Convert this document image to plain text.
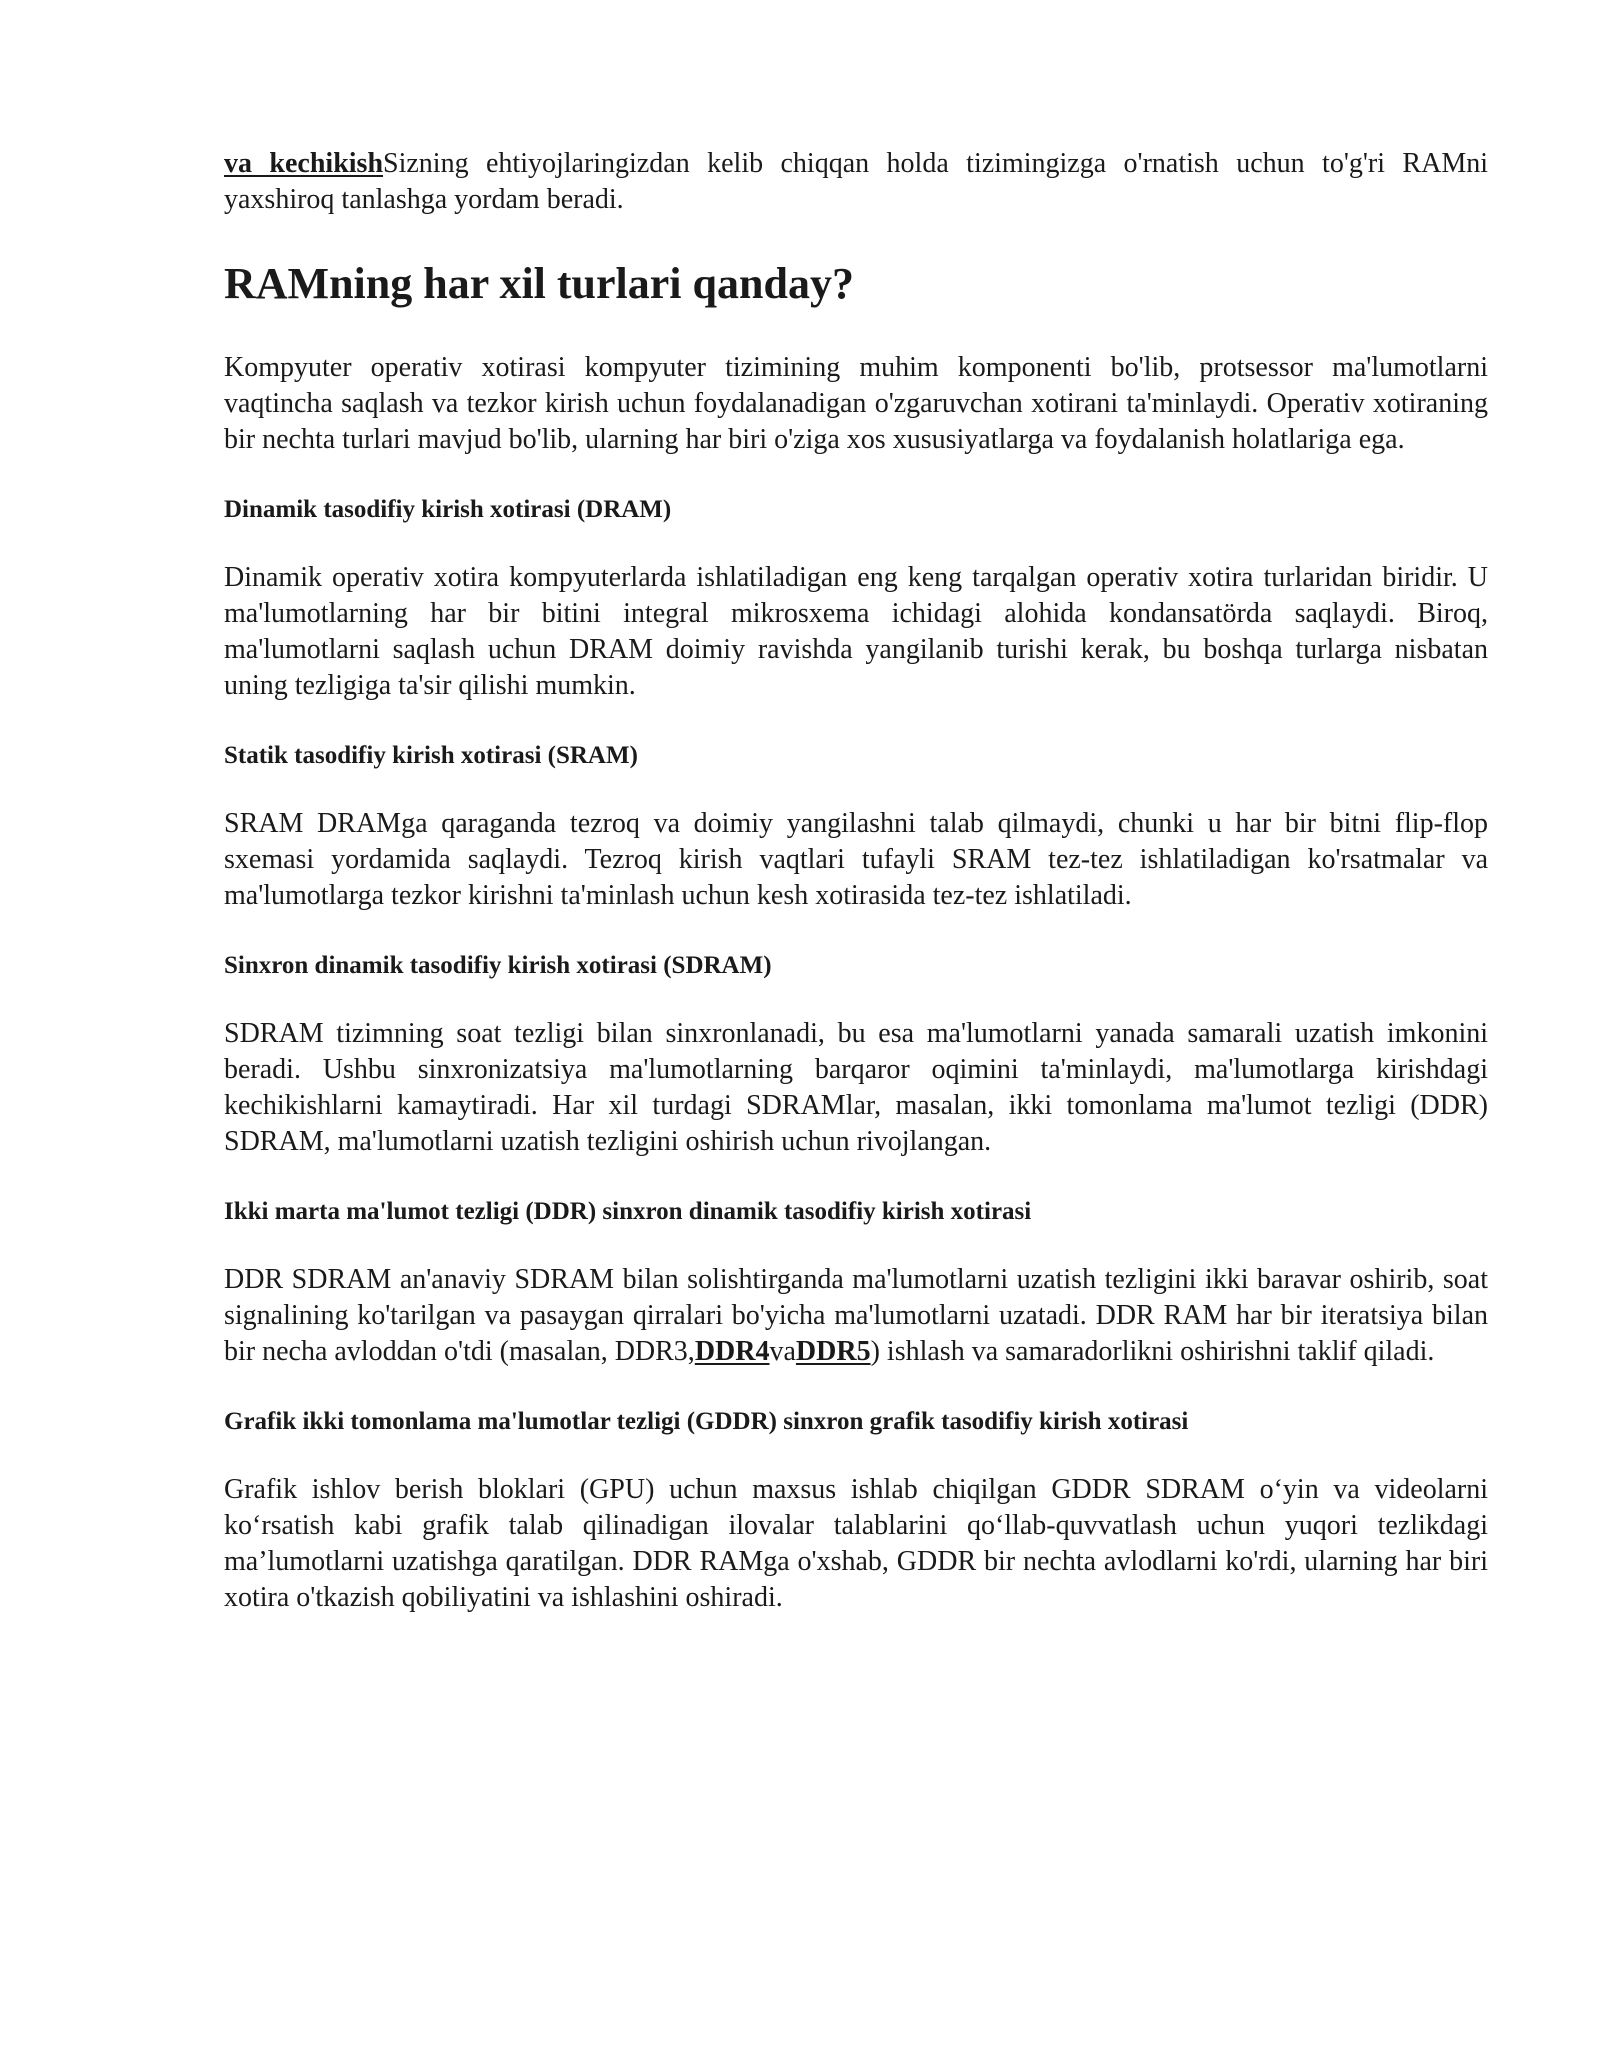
va kechikishSizning ehtiyojlaringizdan kelib chiqqan holda tizimingizga o'rnatish uchun to'g'ri RAMni yaxshiroq tanlashga yordam beradi.

RAMning har xil turlari qanday?

Kompyuter operativ xotirasi kompyuter tizimining muhim komponenti bo'lib, protsessor ma'lumotlarni vaqtincha saqlash va tezkor kirish uchun foydalanadigan o'zgaruvchan xotirani ta'minlaydi. Operativ xotiraning bir nechta turlari mavjud bo'lib, ularning har biri o'ziga xos xususiyatlarga va foydalanish holatlariga ega.

Dinamik tasodifiy kirish xotirasi (DRAM)

Dinamik operativ xotira kompyuterlarda ishlatiladigan eng keng tarqalgan operativ xotira turlaridan biridir. U ma'lumotlarning har bir bitini integral mikrosxema ichidagi alohida kondansatörda saqlaydi. Biroq, ma'lumotlarni saqlash uchun DRAM doimiy ravishda yangilanib turishi kerak, bu boshqa turlarga nisbatan uning tezligiga ta'sir qilishi mumkin.

Statik tasodifiy kirish xotirasi (SRAM)

SRAM DRAMga qaraganda tezroq va doimiy yangilashni talab qilmaydi, chunki u har bir bitni flip-flop sxemasi yordamida saqlaydi. Tezroq kirish vaqtlari tufayli SRAM tez-tez ishlatiladigan ko'rsatmalar va ma'lumotlarga tezkor kirishni ta'minlash uchun kesh xotirasida tez-tez ishlatiladi.

Sinxron dinamik tasodifiy kirish xotirasi (SDRAM)

SDRAM tizimning soat tezligi bilan sinxronlanadi, bu esa ma'lumotlarni yanada samarali uzatish imkonini beradi. Ushbu sinxronizatsiya ma'lumotlarning barqaror oqimini ta'minlaydi, ma'lumotlarga kirishdagi kechikishlarni kamaytiradi. Har xil turdagi SDRAMlar, masalan, ikki tomonlama ma'lumot tezligi (DDR) SDRAM, ma'lumotlarni uzatish tezligini oshirish uchun rivojlangan.

Ikki marta ma'lumot tezligi (DDR) sinxron dinamik tasodifiy kirish xotirasi

DDR SDRAM an'anaviy SDRAM bilan solishtirganda ma'lumotlarni uzatish tezligini ikki baravar oshirib, soat signalining ko'tarilgan va pasaygan qirralari bo'yicha ma'lumotlarni uzatadi. DDR RAM har bir iteratsiya bilan bir necha avloddan o'tdi (masalan, DDR3,DDR4vaDDR5) ishlash va samaradorlikni oshirishni taklif qiladi.

Grafik ikki tomonlama ma'lumotlar tezligi (GDDR) sinxron grafik tasodifiy kirish xotirasi

Grafik ishlov berish bloklari (GPU) uchun maxsus ishlab chiqilgan GDDR SDRAM o‘yin va videolarni ko‘rsatish kabi grafik talab qilinadigan ilovalar talablarini qo‘llab-quvvatlash uchun yuqori tezlikdagi ma’lumotlarni uzatishga qaratilgan. DDR RAMga o'xshab, GDDR bir nechta avlodlarni ko'rdi, ularning har biri xotira o'tkazish qobiliyatini va ishlashini oshiradi.
